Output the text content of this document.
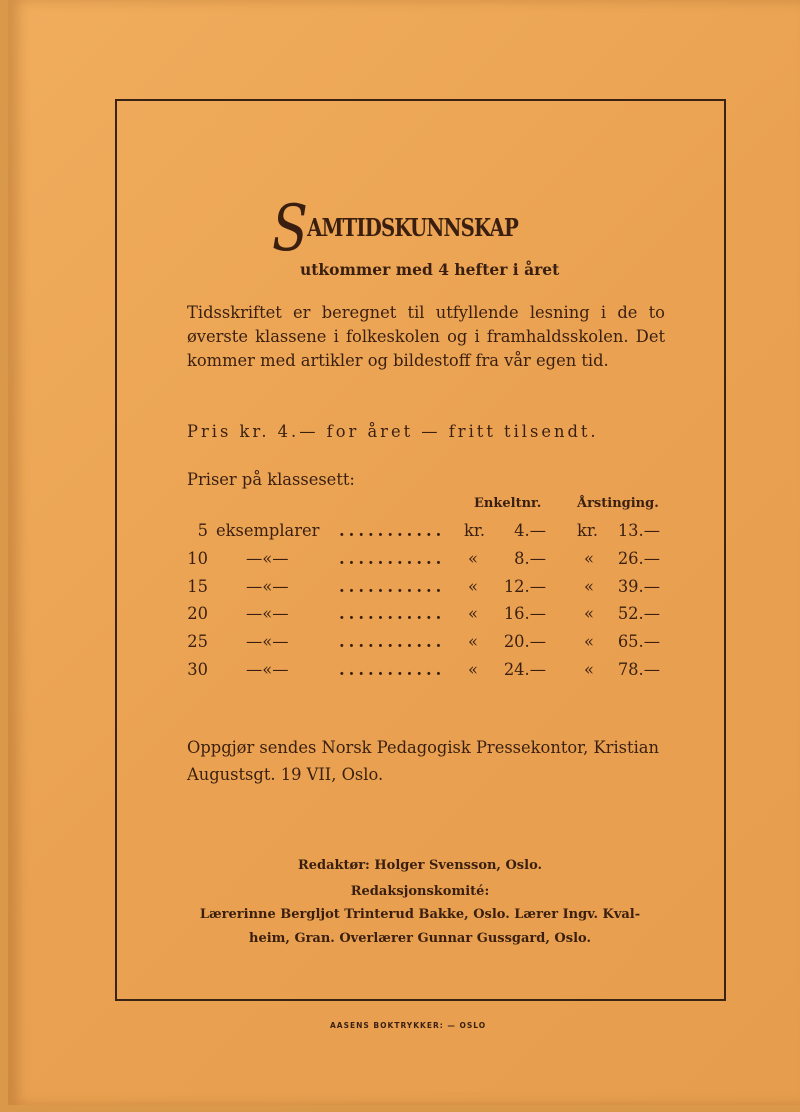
Samtidskunnskap
utkommer med 4 hefter i året
Tidsskriftet er beregnet til utfyllende lesning i de to øverste klassene i folkeskolen og i framhaldsskolen. Det kommer med artikler og bildestoff fra vår egen tid.
Pris kr. 4.— for året — fritt tilsendt.
Priser på klassesett:
Enkeltnr.	Årstinging.
5 eksemplarer ........... kr. 4.— kr. 13.—
10 —«—	........... « 8.— « 26.—
15 —«—	........... « 12.— « 39.—
20 —«—	........... « 16.— « 52.—
25 —«—	........... « 20.— « 65.—
30 —«—	........... « 24.— « 78.—
Oppgjør sendes Norsk Pedagogisk Pressekontor, Kristian Augustsgt. 19 VII, Oslo.
Redaktør: Holger Svensson, Oslo.
Redaksjonskomité:
Lærerinne Bergljot Trinterud Bakke, Oslo. Lærer Ingv. Kval-
heim, Gran. Overlærer Gunnar Gussgard, Oslo.
AASENS BOKTRYKKER: — OSLO
